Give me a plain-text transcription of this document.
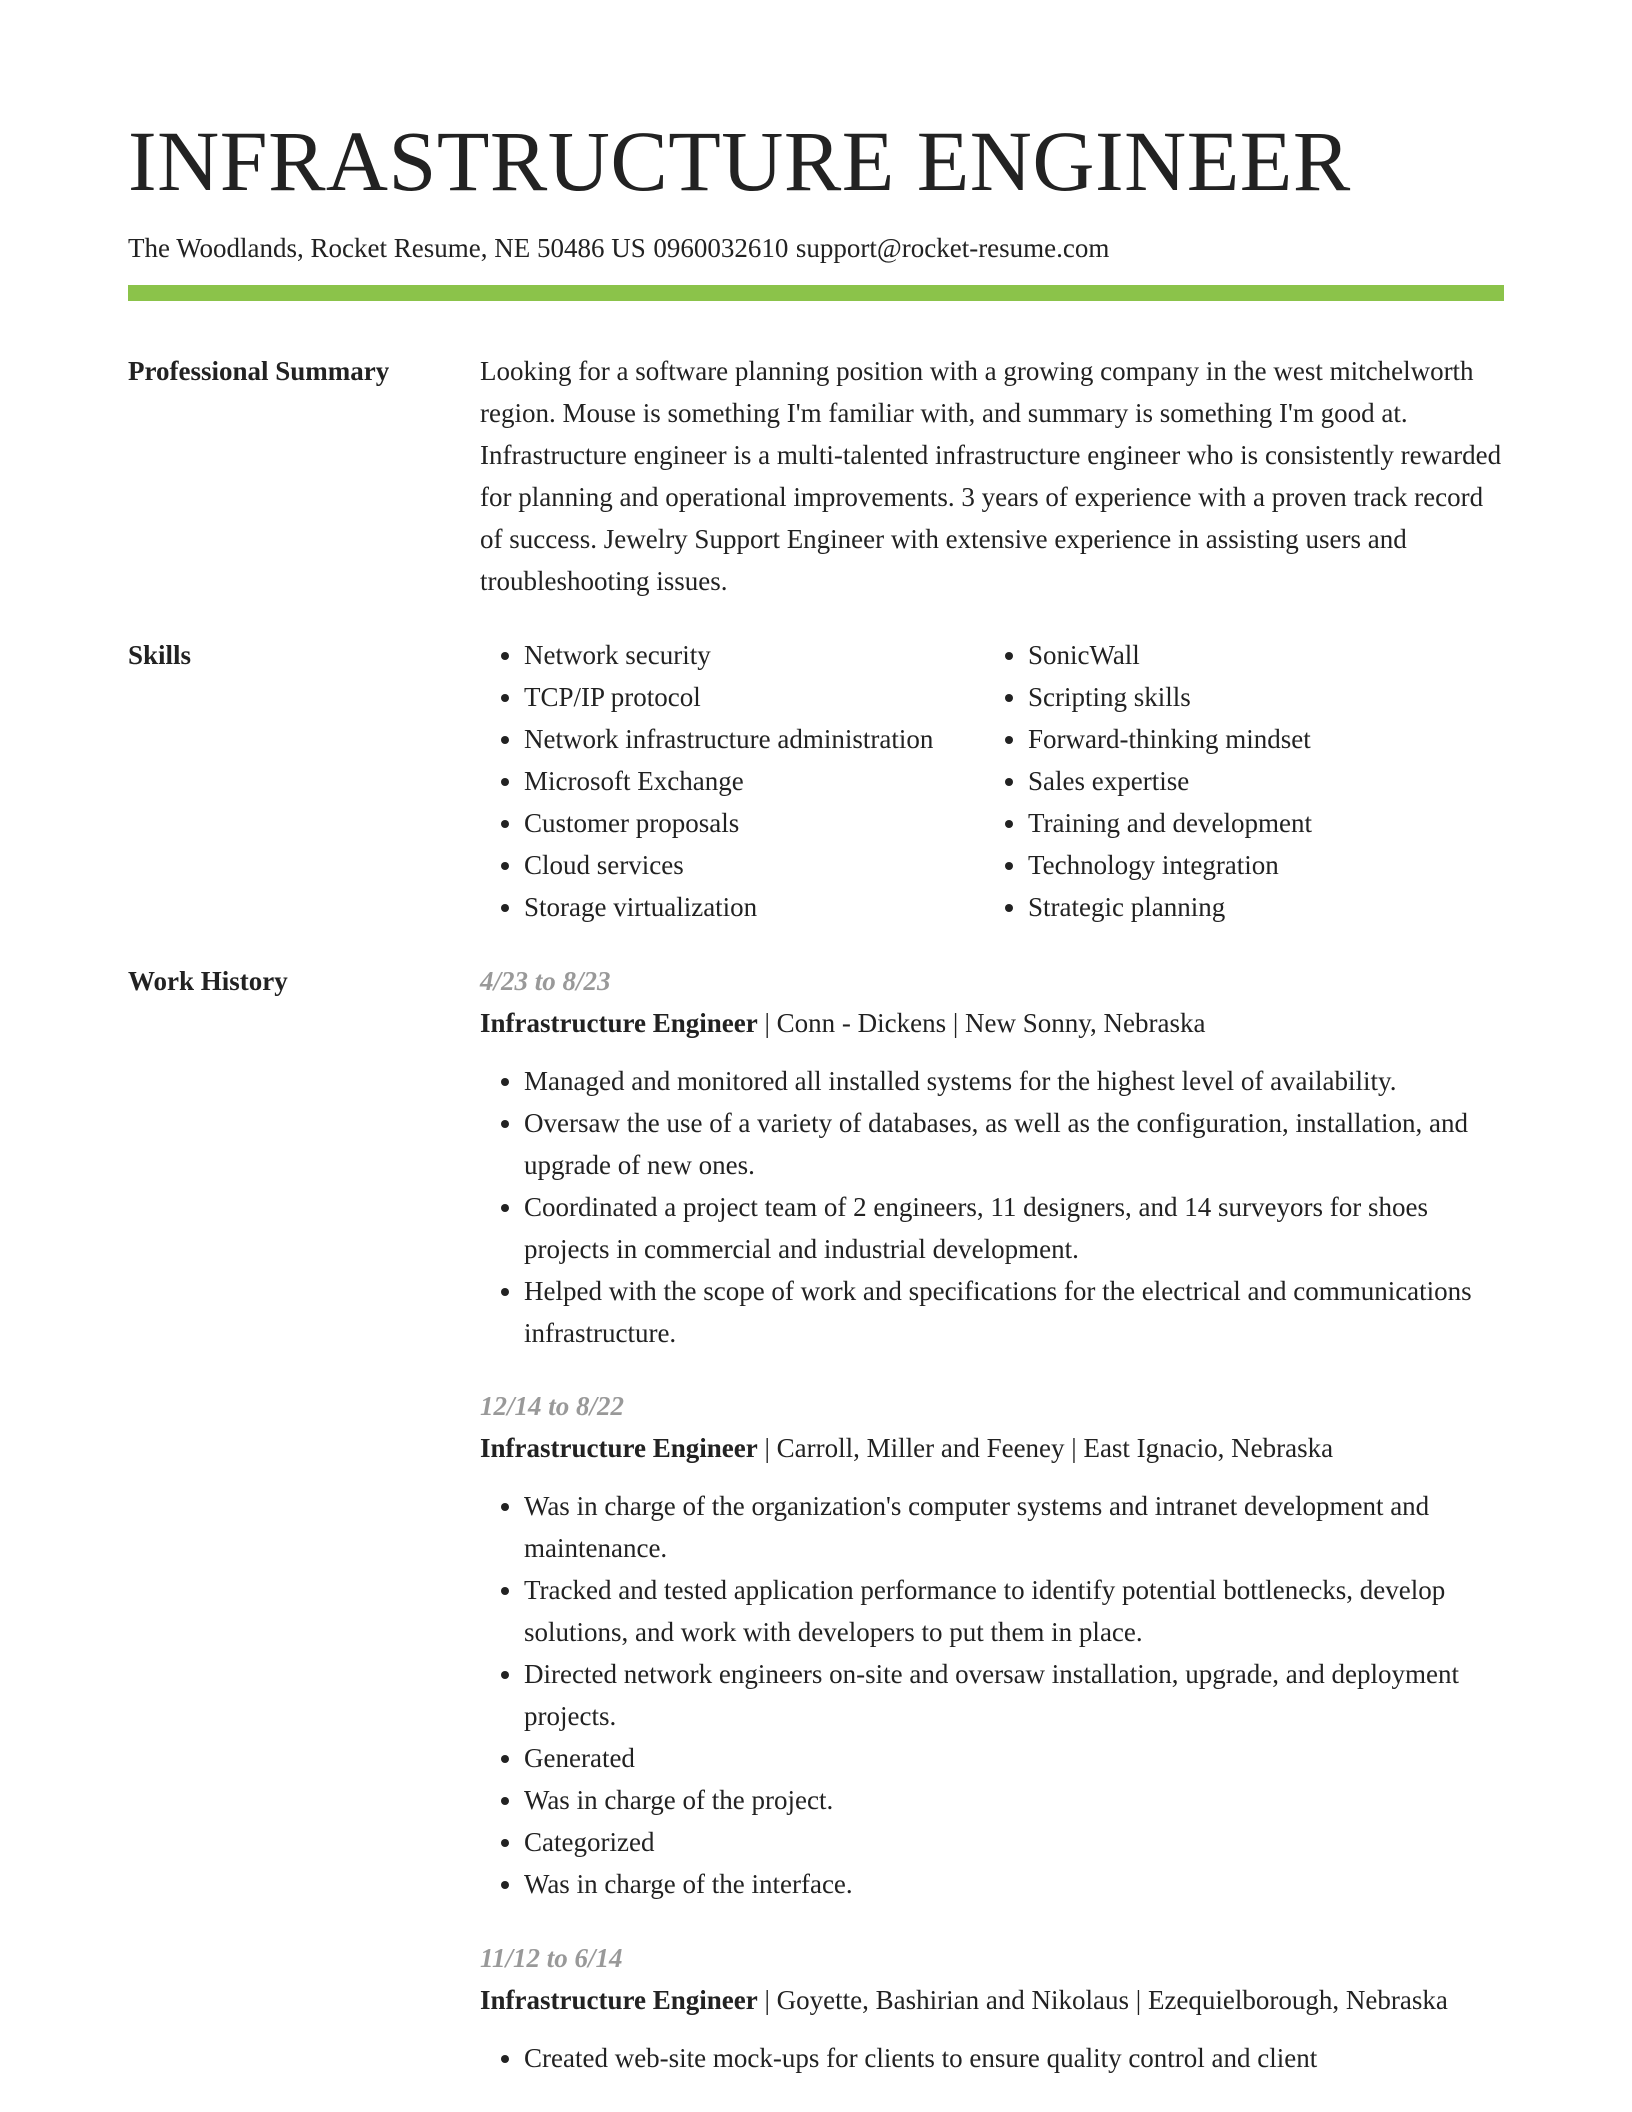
INFRASTRUCTURE ENGINEER
The Woodlands, Rocket Resume, NE 50486 US 0960032610 support@rocket-resume.com
Professional Summary	Looking for a software planning position with a growing company in the west mitchelworth region. Mouse is something I'm familiar with, and summary is something I'm good at. Infrastructure engineer is a multi-talented infrastructure engineer who is consistently rewarded for planning and operational improvements. 3 years of experience with a proven track record of success. Jewelry Support Engineer with extensive experience in assisting users and troubleshooting issues.

Skills
•	Network security
• TCP/IP protocol
• Network infrastructure administration
• Microsoft Exchange
• Customer proposals
• Cloud services
• Storage virtualization
• SonicWall
• Scripting skills
• Forward-thinking mindset
• Sales expertise
• Training and development
• Technology integration
• Strategic planning
Work History	4/23 to 8/23

Infrastructure Engineer | Conn - Dickens | New Sonny, Nebraska

• Managed and monitored all installed systems for the highest level of availability.
• Oversaw the use of a variety of databases, as well as the configuration, installation, and upgrade of new ones.
• Coordinated a project team of 2 engineers, 11 designers, and 14 surveyors for shoes projects in commercial and industrial development.
• Helped with the scope of work and specifications for the electrical and communications infrastructure.
12/14 to 8/22

Infrastructure Engineer | Carroll, Miller and Feeney | East Ignacio, Nebraska

• Was in charge of the organization's computer systems and intranet development and maintenance.
• Tracked and tested application performance to identify potential bottlenecks, develop solutions, and work with developers to put them in place.
• Directed network engineers on-site and oversaw installation, upgrade, and deployment projects.
• Generated
• Was in charge of the project.
• Categorized
• Was in charge of the interface.
11/12 to 6/14

Infrastructure Engineer | Goyette, Bashirian and Nikolaus | Ezequielborough, Nebraska

• Created web-site mock-ups for clients to ensure quality control and client
